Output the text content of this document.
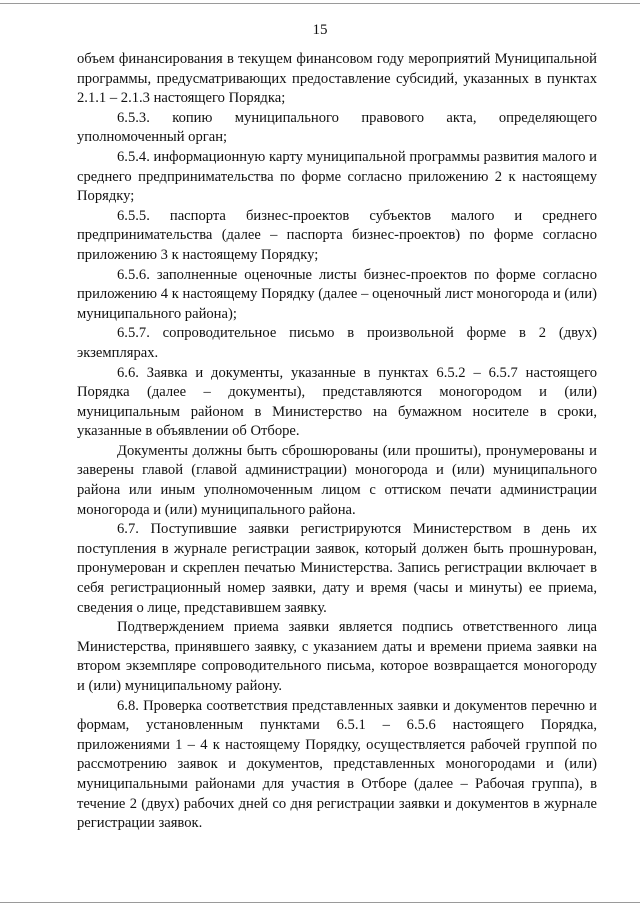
15

объем финансирования в текущем финансовом году мероприятий Муниципальной программы, предусматривающих предоставление субсидий, указанных в пунктах 2.1.1 – 2.1.3 настоящего Порядка;

6.5.3. копию муниципального правового акта, определяющего уполномоченный орган;

6.5.4. информационную карту муниципальной программы развития малого и среднего предпринимательства по форме согласно приложению 2 к настоящему Порядку;

6.5.5. паспорта бизнес-проектов субъектов малого и среднего предпринимательства (далее – паспорта бизнес-проектов) по форме согласно приложению 3 к настоящему Порядку;

6.5.6. заполненные оценочные листы бизнес-проектов по форме согласно приложению 4 к настоящему Порядку (далее – оценочный лист моногорода и (или) муниципального района);

6.5.7. сопроводительное письмо в произвольной форме в 2 (двух) экземплярах.

6.6. Заявка и документы, указанные в пунктах 6.5.2 – 6.5.7 настоящего Порядка (далее – документы), представляются моногородом и (или) муниципальным районом в Министерство на бумажном носителе в сроки, указанные в объявлении об Отборе.

Документы должны быть сброшюрованы (или прошиты), пронумерованы и заверены главой (главой администрации) моногорода и (или) муниципального района или иным уполномоченным лицом с оттиском печати администрации моногорода и (или) муниципального района.

6.7. Поступившие заявки регистрируются Министерством в день их поступления в журнале регистрации заявок, который должен быть прошнурован, пронумерован и скреплен печатью Министерства. Запись регистрации включает в себя регистрационный номер заявки, дату и время (часы и минуты) ее приема, сведения о лице, представившем заявку.

Подтверждением приема заявки является подпись ответственного лица Министерства, принявшего заявку, с указанием даты и времени приема заявки на втором экземпляре сопроводительного письма, которое возвращается моногороду и (или) муниципальному району.

6.8. Проверка соответствия представленных заявки и документов перечню и формам, установленным пунктами 6.5.1 – 6.5.6 настоящего Порядка, приложениями 1 – 4 к настоящему Порядку, осуществляется рабочей группой по рассмотрению заявок и документов, представленных моногородами и (или) муниципальными районами для участия в Отборе (далее – Рабочая группа), в течение 2 (двух) рабочих дней со дня регистрации заявки и документов в журнале регистрации заявок.
